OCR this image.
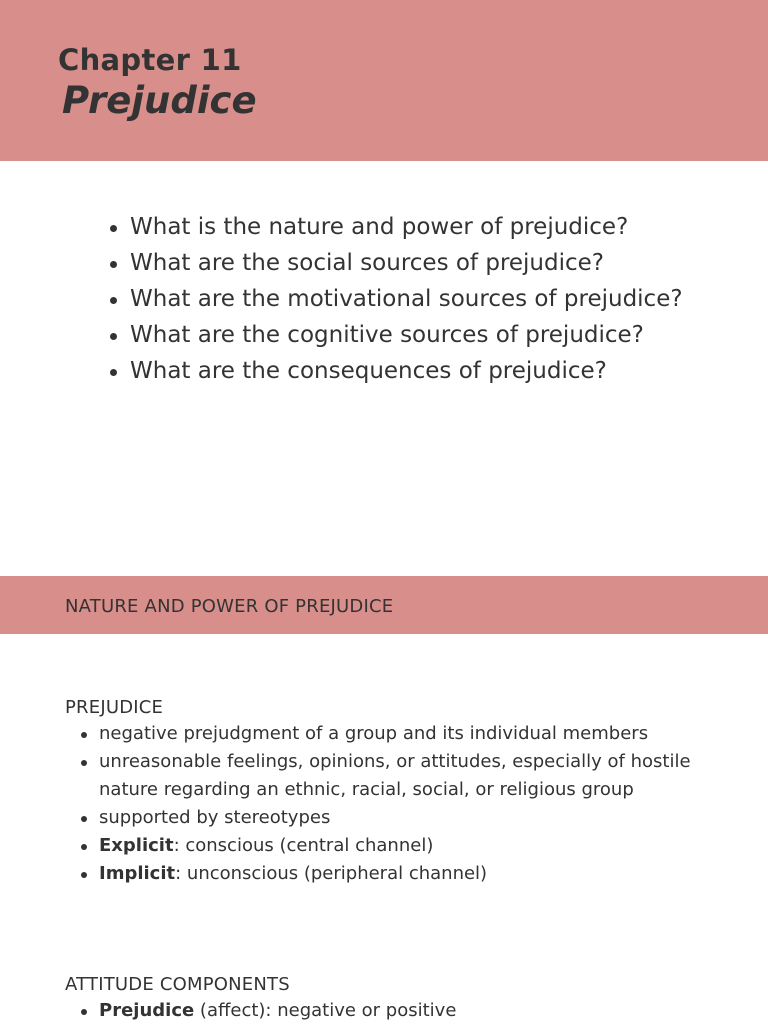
Chapter 11
Prejudice
What is the nature and power of prejudice?
What are the social sources of prejudice?
What are the motivational sources of prejudice?
What are the cognitive sources of prejudice?
What are the consequences of prejudice?
NATURE AND POWER OF PREJUDICE
PREJUDICE
negative prejudgment of a group and its individual members
unreasonable feelings, opinions, or attitudes, especially of hostile nature regarding an ethnic, racial, social, or religious group
supported by stereotypes
Explicit: conscious (central channel)
Implicit: unconscious (peripheral channel)
ATTITUDE COMPONENTS
Prejudice (affect): negative or positive
